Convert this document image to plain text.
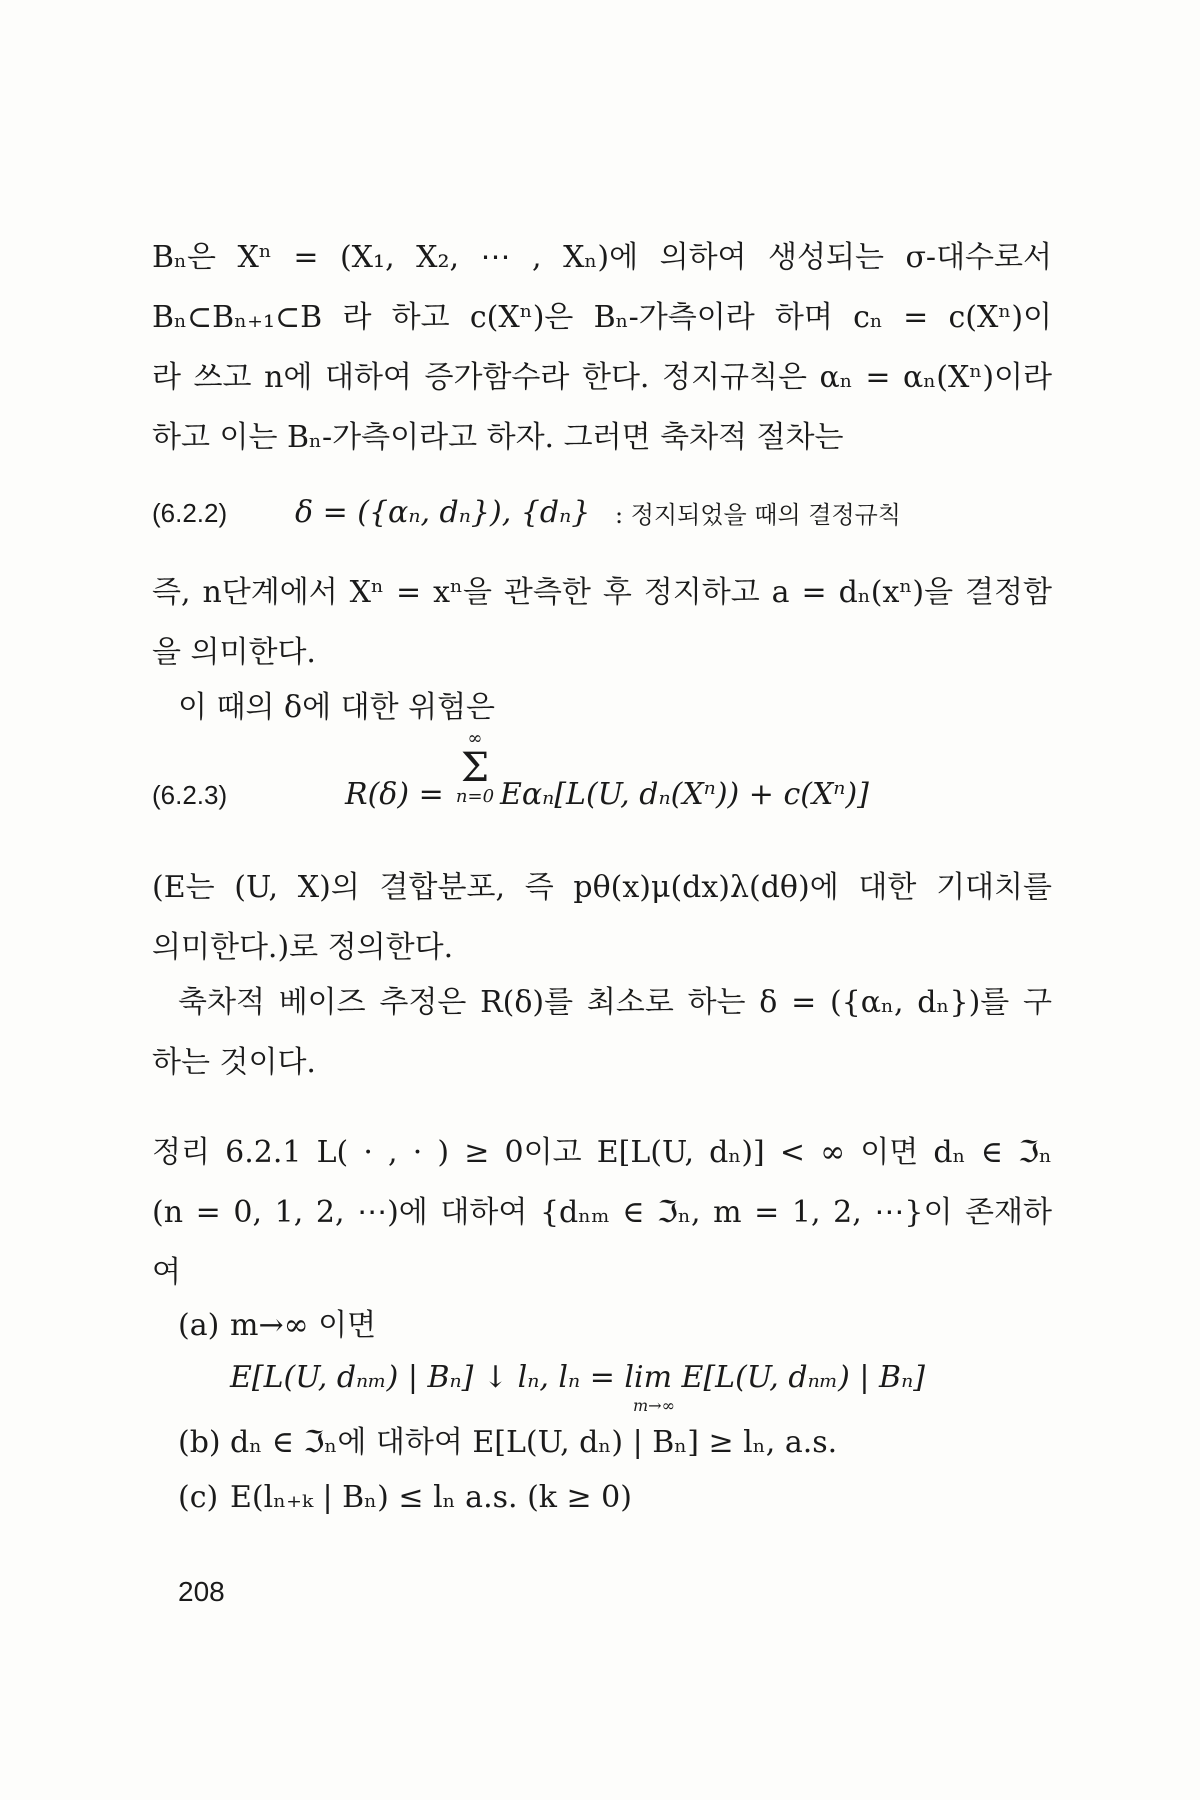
Bₙ은 Xⁿ = (X₁, X₂, ⋯ , Xₙ)에 의하여 생성되는 σ-대수로서
Bₙ⊂Bₙ₊₁⊂B 라 하고 c(Xⁿ)은 Bₙ-가측이라 하며 cₙ = c(Xⁿ)이
라 쓰고 n에 대하여 증가함수라 한다. 정지규칙은 αₙ = αₙ(Xⁿ)이라
하고 이는 Bₙ-가측이라고 하자. 그러면 축차적 절차는
(6.2.2) δ = ({αₙ, dₙ}), {dₙ} : 정지되었을 때의 결정규칙
즉, n단계에서 Xⁿ = xⁿ을 관측한 후 정지하고 a = dₙ(xⁿ)을 결정함
을 의미한다.
이 때의 δ에 대한 위험은
(6.2.3)	R(δ) =
∞
Σ
n=0 Eαₙ[L(U, dₙ(Xⁿ)) + c(Xⁿ)]
(E는 (U, X)의 결합분포, 즉 pθ(x)μ(dx)λ(dθ)에 대한 기대치를
의미한다.)로 정의한다.
축차적 베이즈 추정은 R(δ)를 최소로 하는 δ = ({αₙ, dₙ})를 구
하는 것이다.
정리 6.2.1 L( · , · ) ≥ 0이고 E[L(U, dₙ)] < ∞ 이면 dₙ ∈ ℑₙ
(n = 0, 1, 2, ⋯)에 대하여 {dₙₘ ∈ ℑₙ, m = 1, 2, ⋯}이 존재하
여
(a) m→∞ 이면
E[L(U, dₙₘ) | Bₙ] ↓ lₙ, lₙ = lim E[L(U, dₙₘ) | Bₙ]
m→∞
(b) dₙ ∈ ℑₙ에 대하여 E[L(U, dₙ) | Bₙ] ≥ lₙ, a.s.
(c) E(lₙ₊ₖ | Bₙ) ≤ lₙ a.s. (k ≥ 0)
208
